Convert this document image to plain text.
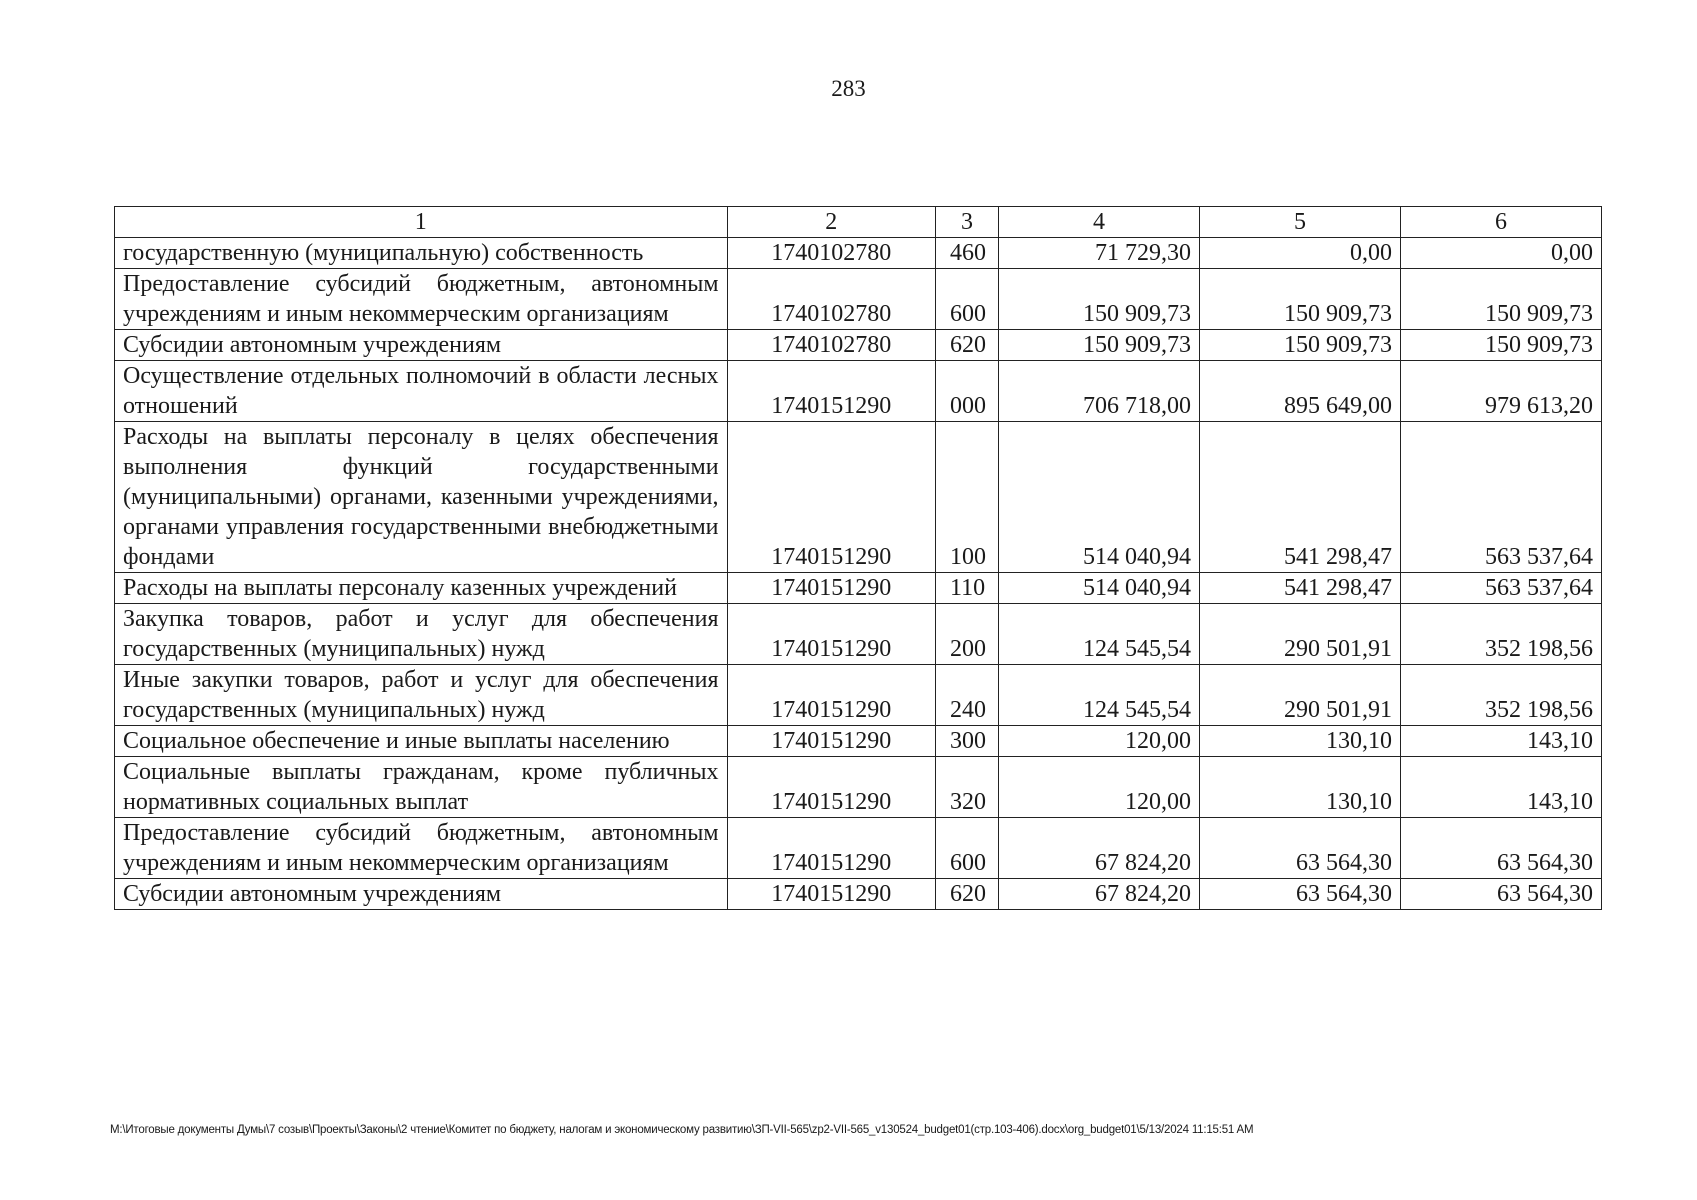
283
1	2	3	4	5	6
государственную (муниципальную) собственность	1740102780	460	71 729,30	0,00	0,00
Предоставление субсидий бюджетным, автономным учреждениям и иным некоммерческим организациям	1740102780	600	150 909,73	150 909,73	150 909,73
Субсидии автономным учреждениям	1740102780	620	150 909,73	150 909,73	150 909,73
Осуществление отдельных полномочий в области лесных отношений	1740151290	000	706 718,00	895 649,00	979 613,20
Расходы на выплаты персоналу в целях обеспечения выполнения функций государственными (муниципальными) органами, казенными учреждениями, органами управления государственными внебюджетными фондами	1740151290	100	514 040,94	541 298,47	563 537,64
Расходы на выплаты персоналу казенных учреждений	1740151290	110	514 040,94	541 298,47	563 537,64
Закупка товаров, работ и услуг для обеспечения государственных (муниципальных) нужд	1740151290	200	124 545,54	290 501,91	352 198,56
Иные закупки товаров, работ и услуг для обеспечения государственных (муниципальных) нужд	1740151290	240	124 545,54	290 501,91	352 198,56
Социальное обеспечение и иные выплаты населению	1740151290	300	120,00	130,10	143,10
Социальные выплаты гражданам, кроме публичных нормативных социальных выплат	1740151290	320	120,00	130,10	143,10
Предоставление субсидий бюджетным, автономным учреждениям и иным некоммерческим организациям	1740151290	600	67 824,20	63 564,30	63 564,30
Субсидии автономным учреждениям	1740151290	620	67 824,20	63 564,30	63 564,30
M:\Итоговые документы Думы\7 созыв\Проекты\Законы\2 чтение\Комитет по бюджету, налогам и экономическому развитию\ЗП-VII-565\zp2-VII-565_v130524_budget01(стр.103-406).docx\org_budget01\5/13/2024 11:15:51 AM
